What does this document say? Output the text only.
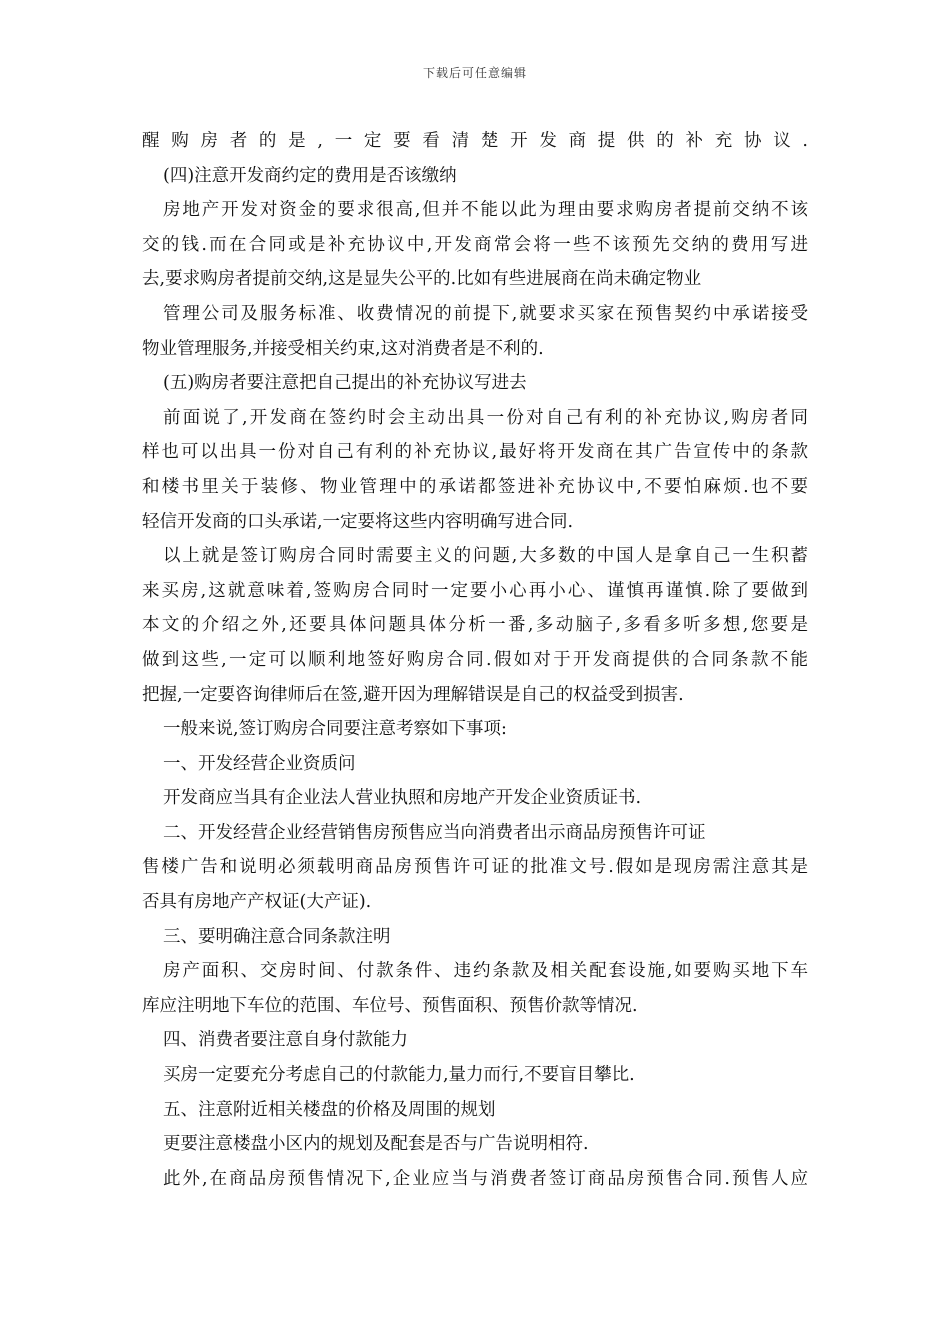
下载后可任意编辑
醒购房者的是,一定要看清楚开发商提供的补充协议.
(四)注意开发商约定的费用是否该缴纳
房地产开发对资金的要求很高,但并不能以此为理由要求购房者提前交纳不该
交的钱.而在合同或是补充协议中,开发商常会将一些不该预先交纳的费用写进
去,要求购房者提前交纳,这是显失公平的.比如有些进展商在尚未确定物业
管理公司及服务标准、收费情况的前提下,就要求买家在预售契约中承诺接受
物业管理服务,并接受相关约束,这对消费者是不利的.
(五)购房者要注意把自己提出的补充协议写进去
前面说了,开发商在签约时会主动出具一份对自己有利的补充协议,购房者同
样也可以出具一份对自己有利的补充协议,最好将开发商在其广告宣传中的条款
和楼书里关于装修、物业管理中的承诺都签进补充协议中,不要怕麻烦.也不要
轻信开发商的口头承诺,一定要将这些内容明确写进合同.
以上就是签订购房合同时需要主义的问题,大多数的中国人是拿自己一生积蓄
来买房,这就意味着,签购房合同时一定要小心再小心、谨慎再谨慎.除了要做到
本文的介绍之外,还要具体问题具体分析一番,多动脑子,多看多听多想,您要是
做到这些,一定可以顺利地签好购房合同.假如对于开发商提供的合同条款不能
把握,一定要咨询律师后在签,避开因为理解错误是自己的权益受到损害.
一般来说,签订购房合同要注意考察如下事项:
一、开发经营企业资质问
开发商应当具有企业法人营业执照和房地产开发企业资质证书.
二、开发经营企业经营销售房预售应当向消费者出示商品房预售许可证
售楼广告和说明必须载明商品房预售许可证的批准文号.假如是现房需注意其是
否具有房地产产权证(大产证).
三、要明确注意合同条款注明
房产面积、交房时间、付款条件、违约条款及相关配套设施,如要购买地下车
库应注明地下车位的范围、车位号、预售面积、预售价款等情况.
四、消费者要注意自身付款能力
买房一定要充分考虑自己的付款能力,量力而行,不要盲目攀比.
五、注意附近相关楼盘的价格及周围的规划
更要注意楼盘小区内的规划及配套是否与广告说明相符.
此外,在商品房预售情况下,企业应当与消费者签订商品房预售合同.预售人应
